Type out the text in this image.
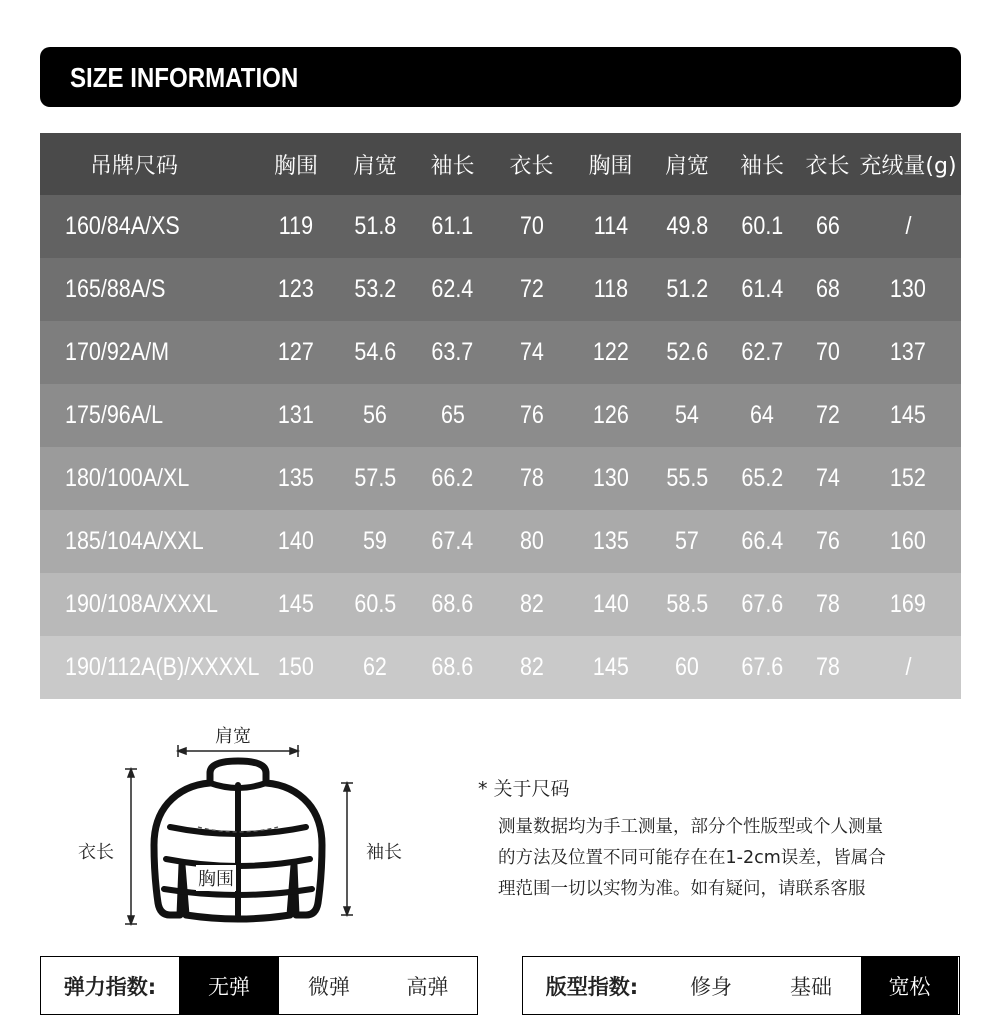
SIZE INFORMATION
吊牌尺码	胸围	肩宽	袖长	衣长	胸围	肩宽	袖长	衣长	充绒量(g)
160/84A/XS	119	51.8	61.1	70	114	49.8	60.1	66	/
165/88A/S	123	53.2	62.4	72	118	51.2	61.4	68	130
170/92A/M	127	54.6	63.7	74	122	52.6	62.7	70	137
175/96A/L	131	56	65	76	126	54	64	72	145
180/100A/XL	135	57.5	66.2	78	130	55.5	65.2	74	152
185/104A/XXL	140	59	67.4	80	135	57	66.4	76	160
190/108A/XXXL	145	60.5	68.6	82	140	58.5	67.6	78	169
190/112A(B)/XXXXL	150	62	68.6	82	145	60	67.6	78	/
肩宽
衣长	袖长
胸围
* 关于尺码
测量数据均为手工测量，部分个性版型或个人测量
的方法及位置不同可能存在在1-2cm误差，皆属合
理范围一切以实物为准。如有疑问，请联系客服
弹力指数:	无弹	微弹	高弹	版型指数:	修身	基础	宽松
